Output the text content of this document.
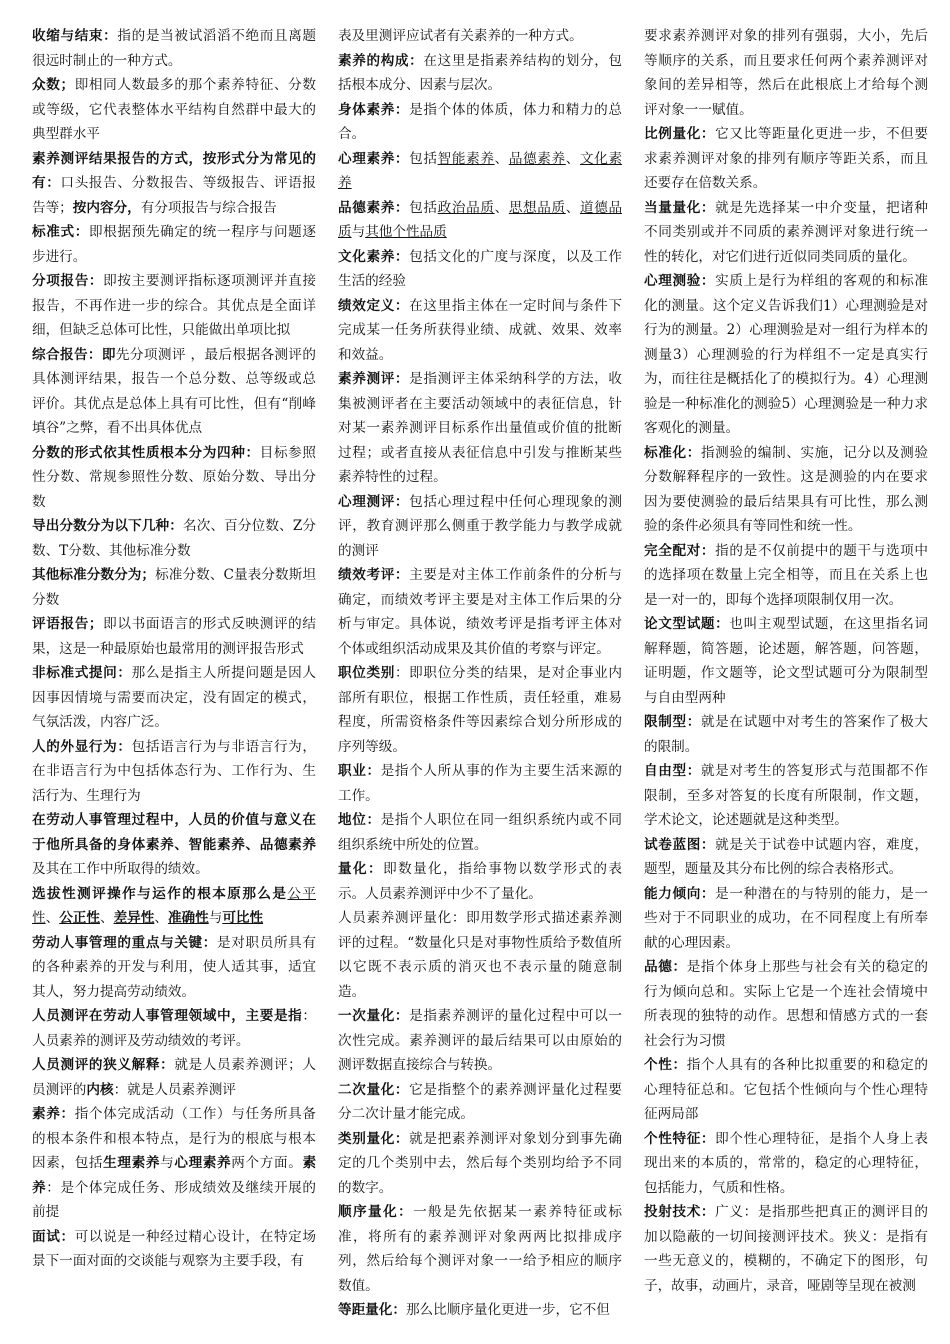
收缩与结束：指的是当被试滔滔不绝而且离题很远时制止的一种方式。

众数；即相同人数最多的那个素养特征、分数或等级，它代表整体水平结构自然群中最大的典型群水平

素养测评结果报告的方式，按形式分为常见的有：口头报告、分数报告、等级报告、评语报告等；按内容分，有分项报告与综合报告

标准式：即根据预先确定的统一程序与问题逐步进行。

分项报告：即按主要测评指标逐项测评并直接报告，不再作进一步的综合。其优点是全面详细，但缺乏总体可比性，只能做出单项比拟

综合报告：即先分项测评 ，最后根据各测评的具体测评结果，报告一个总分数、总等级或总评价。其优点是总体上具有可比性，但有“削峰填谷”之弊，看不出具体优点

分数的形式依其性质根本分为四种：目标参照性分数、常规参照性分数、原始分数、导出分数

导出分数分为以下几种：名次、百分位数、Z分数、T分数、其他标准分数

其他标准分数分为；标准分数、C量表分数斯坦分数

评语报告；即以书面语言的形式反映测评的结果，这是一种最原始也最常用的测评报告形式

非标准式提问：那么是指主人所提问题是因人因事因情境与需要而决定，没有固定的模式，气氛活泼，内容广泛。

人的外显行为：包括语言行为与非语言行为，在非语言行为中包括体态行为、工作行为、生活行为、生理行为

在劳动人事管理过程中，人员的价值与意义在于他所具备的身体素养、智能素养、品德素养及其在工作中所取得的绩效。

选拔性测评操作与运作的根本原那么是公平性、公正性、差异性、准确性与可比性

劳动人事管理的重点与关键：是对职员所具有的各种素养的开发与利用，使人适其事，适宜其人，努力提高劳动绩效。

人员测评在劳动人事管理领域中，主要是指：人员素养的测评及劳动绩效的考评。

人员测评的狭义解释：就是人员素养测评；人员测评的内核：就是人员素养测评

素养：指个体完成活动（工作）与任务所具备的根本条件和根本特点，是行为的根底与根本因素，包括生理素养与心理素养两个方面。素养：是个体完成任务、形成绩效及继续开展的前提

面试：可以说是一种经过精心设计，在特定场景下一面对面的交谈能与观察为主要手段，有

表及里测评应试者有关素养的一种方式。

素养的构成：在这里是指素养结构的划分，包括根本成分、因素与层次。

身体素养：是指个体的体质，体力和精力的总合。

心理素养：包括智能素养、品德素养、文化素养

品德素养：包括政治品质、思想品质、道德品质与其他个性品质

文化素养：包括文化的广度与深度，以及工作生活的经验

绩效定义：在这里指主体在一定时间与条件下完成某一任务所获得业绩、成就、效果、效率和效益。

素养测评：是指测评主体采纳科学的方法，收集被测评者在主要活动领域中的表征信息，针对某一素养测评目标系作出量值或价值的批断过程；或者直接从表征信息中引发与推断某些素养特性的过程。

心理测评：包括心理过程中任何心理现象的测评，教育测评那么侧重于教学能力与教学成就的测评

绩效考评：主要是对主体工作前条件的分析与确定，而绩效考评主要是对主体工作后果的分析与审定。具体说，绩效考评是指考评主体对个体或组织活动成果及其价值的考察与评定。

职位类别：即职位分类的结果，是对企事业内部所有职位，根据工作性质，责任轻重，难易程度，所需资格条件等因素综合划分所形成的序列等级。

职业：是指个人所从事的作为主要生活来源的工作。

地位：是指个人职位在同一组织系统内或不同组织系统中所处的位置。

量化：即数量化，指给事物以数学形式的表示。人员素养测评中少不了量化。

人员素养测评量化：即用数学形式描述素养测评的过程。“数量化只是对事物性质给予数值所以它既不表示质的消灭也不表示量的随意制造。

一次量化：是指素养测评的量化过程中可以一次性完成。素养测评的最后结果可以由原始的测评数据直接综合与转换。

二次量化：它是指整个的素养测评量化过程要分二次计量才能完成。

类别量化：就是把素养测评对象划分到事先确定的几个类别中去，然后每个类别均给予不同的数字。

顺序量化：一般是先依据某一素养特征或标准，将所有的素养测评对象两两比拟排成序列，然后给每个测评对象一一给予相应的顺序数值。

等距量化：那么比顺序量化更进一步，它不但

要求素养测评对象的排列有强弱，大小，先后等顺序的关系，而且要求任何两个素养测评对象间的差异相等，然后在此根底上才给每个测评对象一一赋值。

比例量化：它又比等距量化更进一步，不但要求素养测评对象的排列有顺序等距关系，而且还要存在倍数关系。

当量量化：就是先选择某一中介变量，把诸种不同类别或并不同质的素养测评对象进行统一性的转化，对它们进行近似同类同质的量化。

心理测验：实质上是行为样组的客观的和标准化的测量。这个定义告诉我们1）心理测验是对行为的测量。2）心理测验是对一组行为样本的测量3）心理测验的行为样组不一定是真实行为，而往往是概括化了的模拟行为。4）心理测验是一种标准化的测验5）心理测验是一种力求客观化的测量。

标准化：指测验的编制、实施，记分以及测验分数解释程序的一致性。这是测验的内在要求因为要使测验的最后结果具有可比性，那么测验的条件必须具有等同性和统一性。

完全配对：指的是不仅前提中的题干与选项中的选择项在数量上完全相等，而且在关系上也是一对一的，即每个选择项限制仅用一次。

论文型试题：也叫主观型试题，在这里指名词解释题，简答题，论述题，解答题，问答题，证明题，作文题等，论文型试题可分为限制型与自由型两种

限制型：就是在试题中对考生的答案作了极大的限制。

自由型：就是对考生的答复形式与范围都不作限制，至多对答复的长度有所限制，作文题，学术论文，论述题就是这种类型。

试卷蓝图：就是关于试卷中试题内容，难度，题型，题量及其分布比例的综合表格形式。

能力倾向：是一种潜在的与特别的能力，是一些对于不同职业的成功，在不同程度上有所奉献的心理因素。

品德：是指个体身上那些与社会有关的稳定的行为倾向总和。实际上它是一个连社会情境中所表现的独特的动作。思想和情感方式的一套社会行为习惯

个性：指个人具有的各种比拟重要的和稳定的心理特征总和。它包括个性倾向与个性心理特征两局部

个性特征：即个性心理特征，是指个人身上表现出来的本质的，常常的，稳定的心理特征，包括能力，气质和性格。

投射技术：广义：是指那些把真正的测评目的加以隐蔽的一切间接测评技术。狭义：是指有一些无意义的，模糊的，不确定下的图形，句子，故事，动画片，录音，哑剧等呈现在被测
